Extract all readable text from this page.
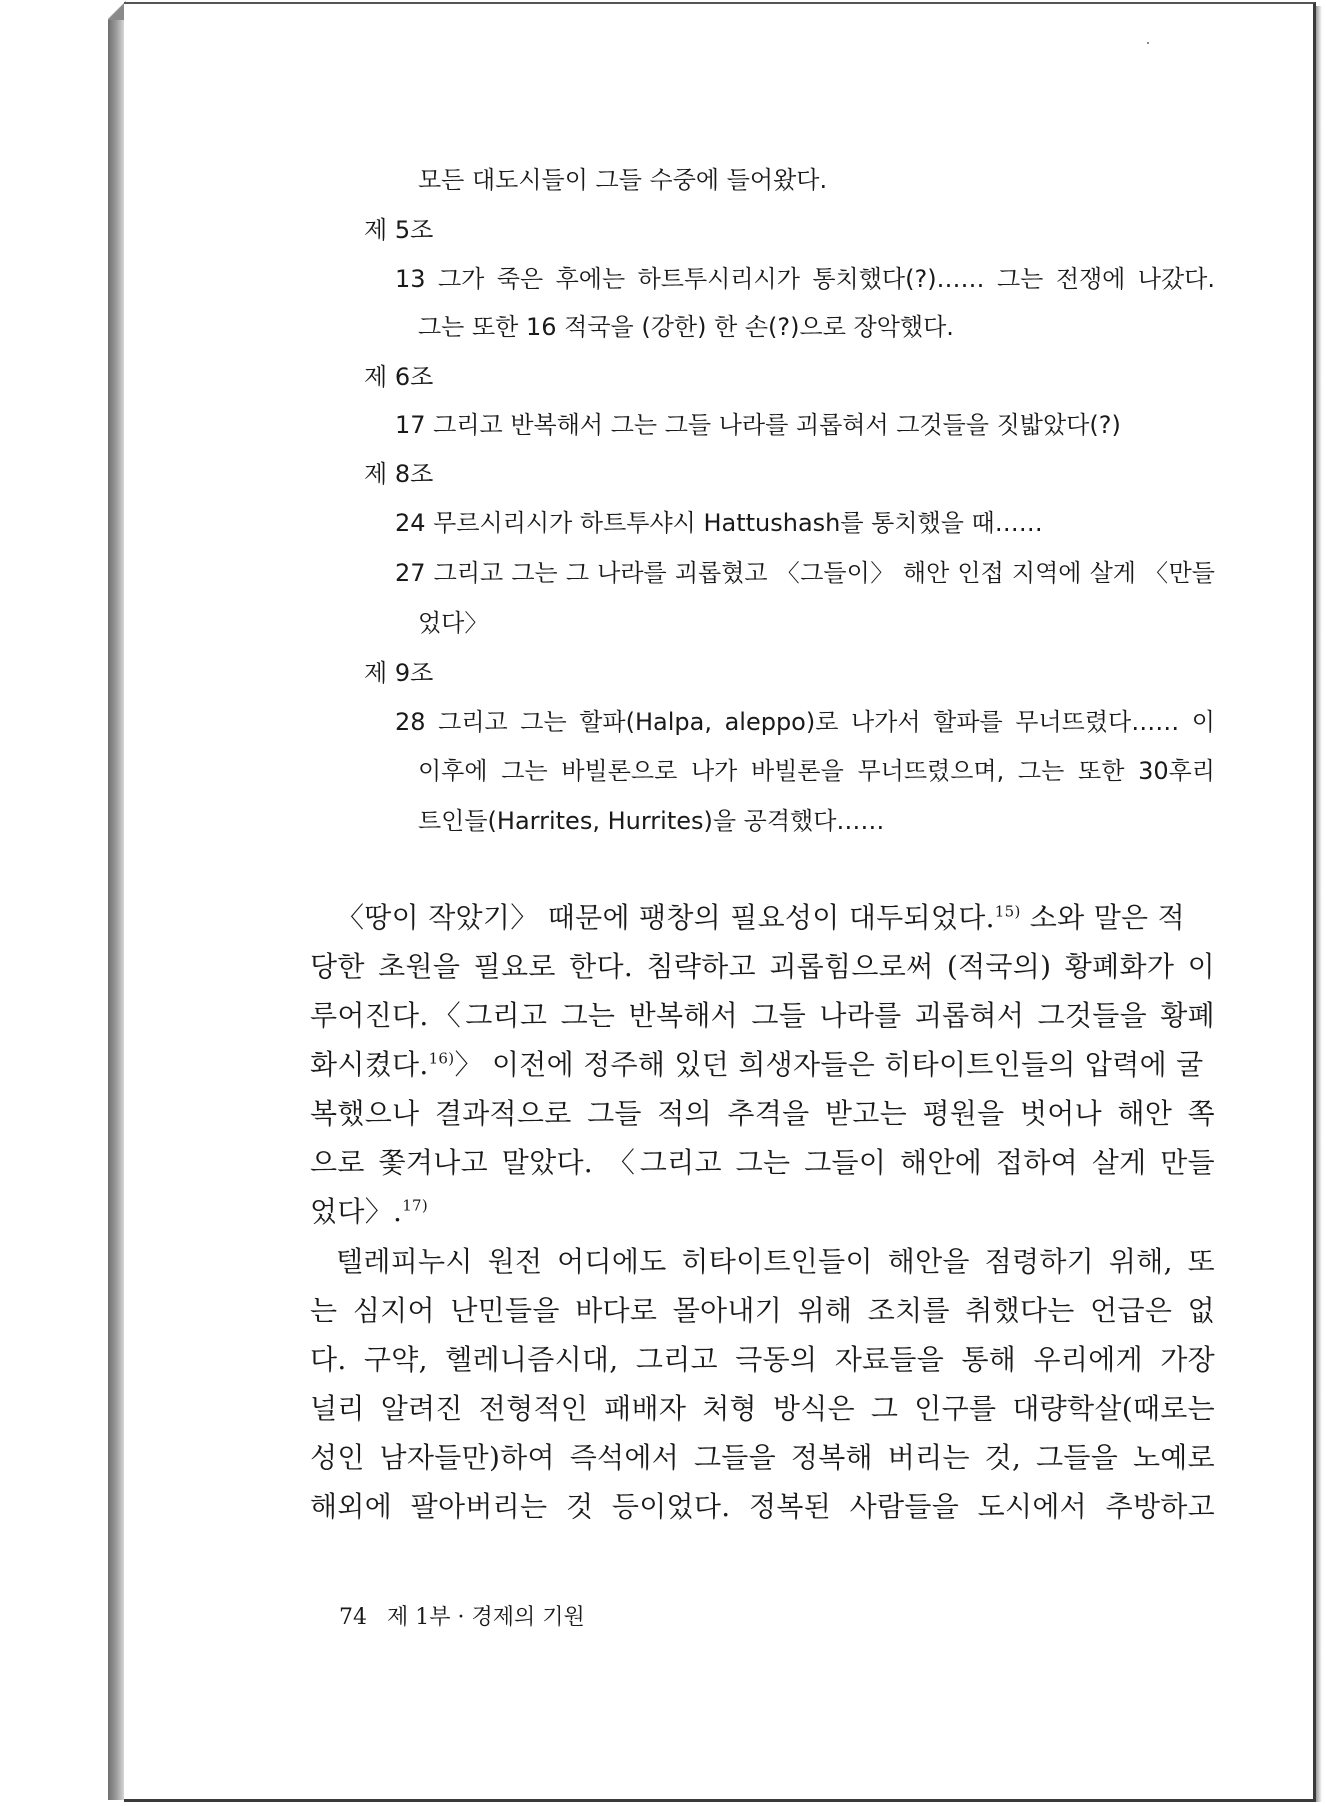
모든 대도시들이 그들 수중에 들어왔다.

제 5조

13 그가 죽은 후에는 하트투시리시가 통치했다(?)…… 그는 전쟁에 나갔다.

그는 또한 16 적국을 (강한) 한 손(?)으로 장악했다.

제 6조

17 그리고 반복해서 그는 그들 나라를 괴롭혀서 그것들을 짓밟았다(?)

제 8조

24 무르시리시가 하트투샤시 Hattushash를 통치했을 때……

27 그리고 그는 그 나라를 괴롭혔고 〈그들이〉 해안 인접 지역에 살게 〈만들

었다〉

제 9조

28 그리고 그는 할파(Halpa, aleppo)로 나가서 할파를 무너뜨렸다…… 이

이후에 그는 바빌론으로 나가 바빌론을 무너뜨렸으며, 그는 또한 30후리

트인들(Harrites, Hurrites)을 공격했다……

〈땅이 작았기〉 때문에 팽창의 필요성이 대두되었다.$^{15)}$ 소와 말은 적

당한 초원을 필요로 한다. 침략하고 괴롭힘으로써 (적국의) 황폐화가 이

루어진다.〈그리고 그는 반복해서 그들 나라를 괴롭혀서 그것들을 황폐

화시켰다.$^{16)}$〉 이전에 정주해 있던 희생자들은 히타이트인들의 압력에 굴

복했으나 결과적으로 그들 적의 추격을 받고는 평원을 벗어나 해안 쪽

으로 쫓겨나고 말았다. 〈그리고 그는 그들이 해안에 접하여 살게 만들

었다〉.$^{17)}$

텔레피누시 원전 어디에도 히타이트인들이 해안을 점령하기 위해, 또

는 심지어 난민들을 바다로 몰아내기 위해 조치를 취했다는 언급은 없

다. 구약, 헬레니즘시대, 그리고 극동의 자료들을 통해 우리에게 가장

널리 알려진 전형적인 패배자 처형 방식은 그 인구를 대량학살(때로는

성인 남자들만)하여 즉석에서 그들을 정복해 버리는 것, 그들을 노예로

해외에 팔아버리는 것 등이었다. 정복된 사람들을 도시에서 추방하고

74 제 1부 · 경제의 기원
